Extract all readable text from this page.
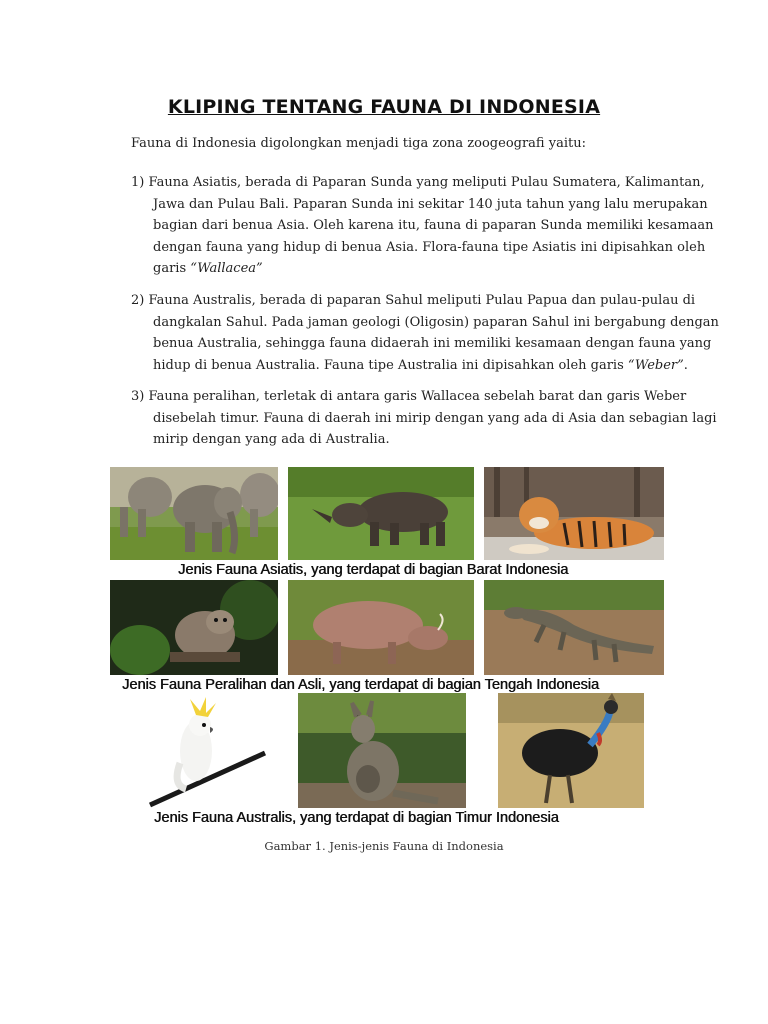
KLIPING TENTANG FAUNA DI INDONESIA
Fauna di Indonesia digolongkan menjadi tiga zona zoogeografi yaitu:
1) Fauna Asiatis, berada di Paparan Sunda yang meliputi Pulau Sumatera, Kalimantan,
Jawa dan Pulau Bali. Paparan Sunda ini sekitar 140 juta tahun yang lalu merupakan
bagian dari benua Asia. Oleh karena itu, fauna di paparan Sunda memiliki kesamaan
dengan fauna yang hidup di benua Asia. Flora-fauna tipe Asiatis ini dipisahkan oleh
garis “Wallacea”
2) Fauna Australis, berada di paparan Sahul meliputi Pulau Papua dan pulau-pulau di
dangkalan Sahul. Pada jaman geologi (Oligosin) paparan Sahul ini bergabung dengan
benua Australia, sehingga fauna didaerah ini memiliki kesamaan dengan fauna yang
hidup di benua Australia. Fauna tipe Australia ini dipisahkan oleh garis “Weber”.
3) Fauna peralihan, terletak di antara garis Wallacea sebelah barat dan garis Weber
disebelah timur. Fauna di daerah ini mirip dengan yang ada di Asia dan sebagian lagi
mirip dengan yang ada di Australia.
Jenis Fauna Asiatis, yang terdapat di bagian Barat Indonesia
Jenis Fauna Peralihan dan Asli, yang terdapat di bagian Tengah Indonesia
Jenis Fauna Australis, yang terdapat di bagian Timur Indonesia
Gambar 1. Jenis-jenis Fauna di Indonesia
